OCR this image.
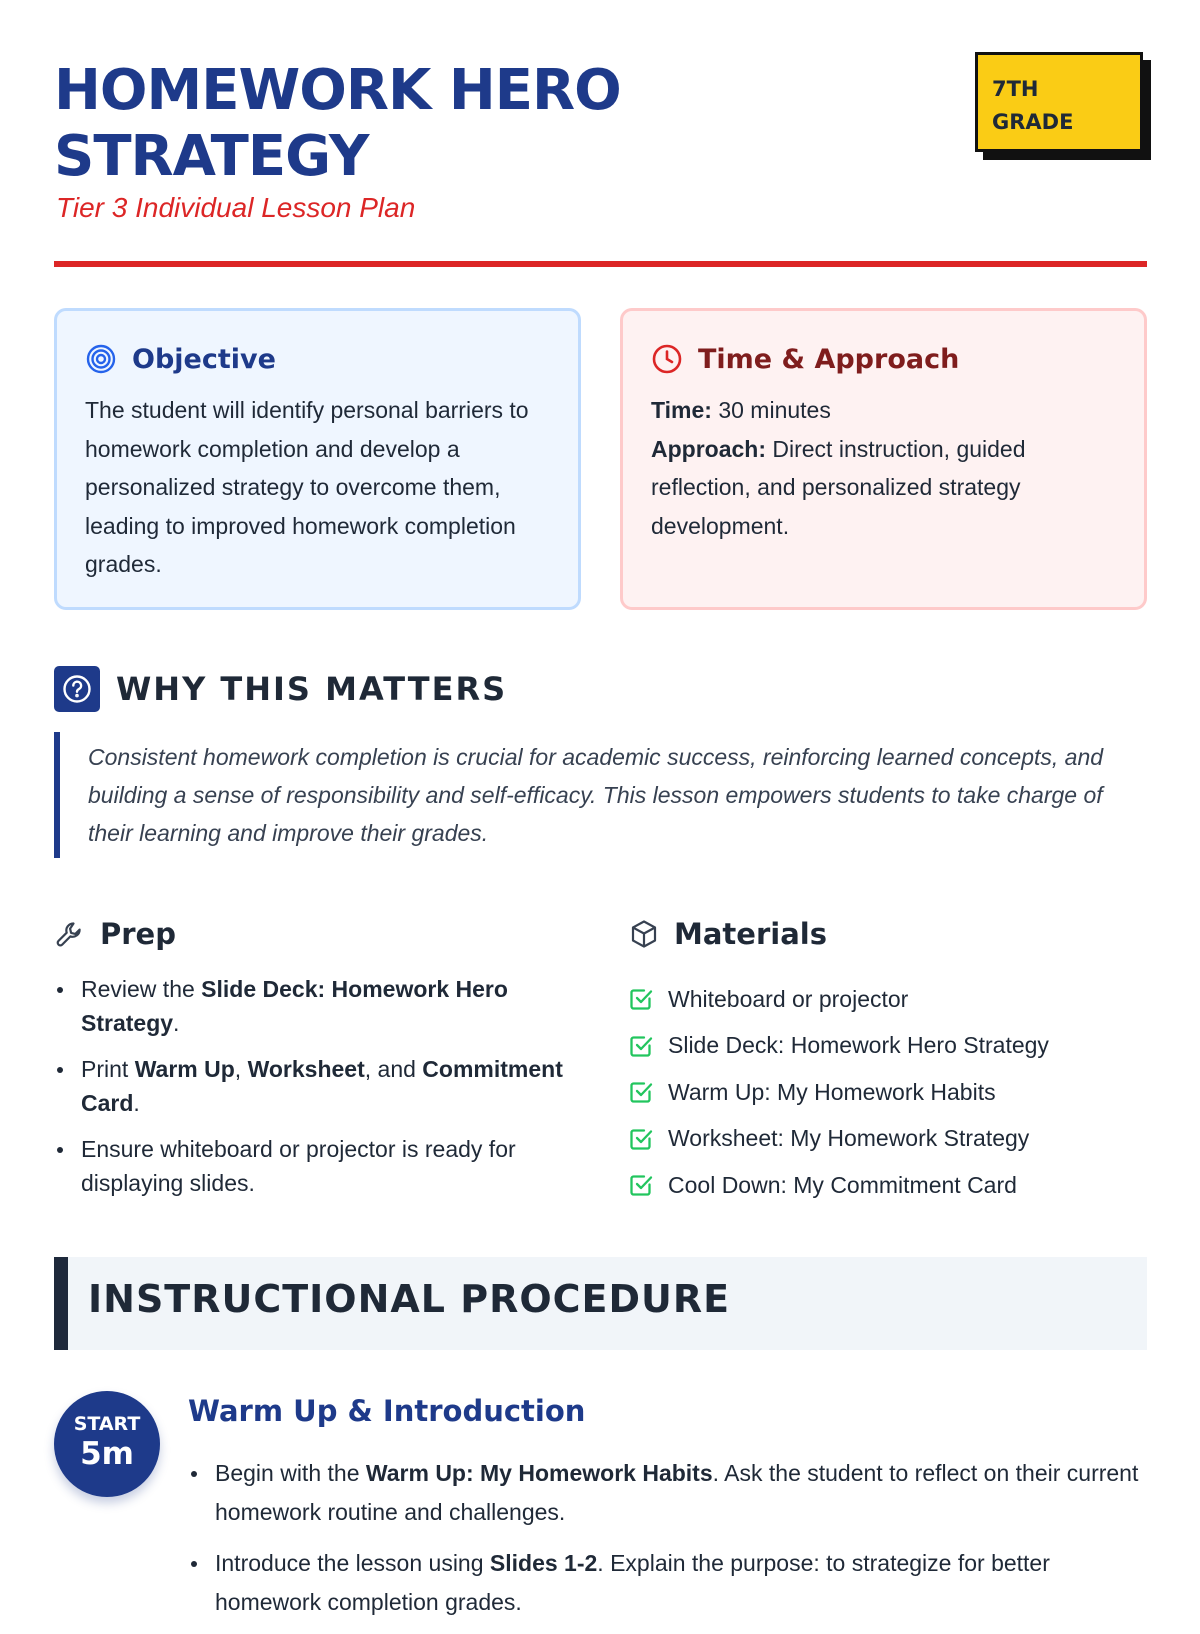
HOMEWORK HERO STRATEGY
Tier 3 Individual Lesson Plan
7TH GRADE
Objective

The student will identify personal barriers to homework completion and develop a personalized strategy to overcome them, leading to improved homework completion grades.

Time & Approach
Time: 30 minutes
Approach: Direct instruction, guided reflection, and personalized strategy development.
WHY THIS MATTERS
Consistent homework completion is crucial for academic success, reinforcing learned concepts, and building a sense of responsibility and self-efficacy. This lesson empowers students to take charge of their learning and improve their grades.
Prep
Review the Slide Deck: Homework Hero Strategy.
Print Warm Up, Worksheet, and Commitment Card.
Ensure whiteboard or projector is ready for displaying slides.
Materials
Whiteboard or projector
Slide Deck: Homework Hero Strategy
Warm Up: My Homework Habits
Worksheet: My Homework Strategy
Cool Down: My Commitment Card
INSTRUCTIONAL PROCEDURE
START
5m
Warm Up & Introduction
Begin with the Warm Up: My Homework Habits. Ask the student to reflect on their current homework routine and challenges.
Introduce the lesson using Slides 1-2. Explain the purpose: to strategize for better homework completion grades.
